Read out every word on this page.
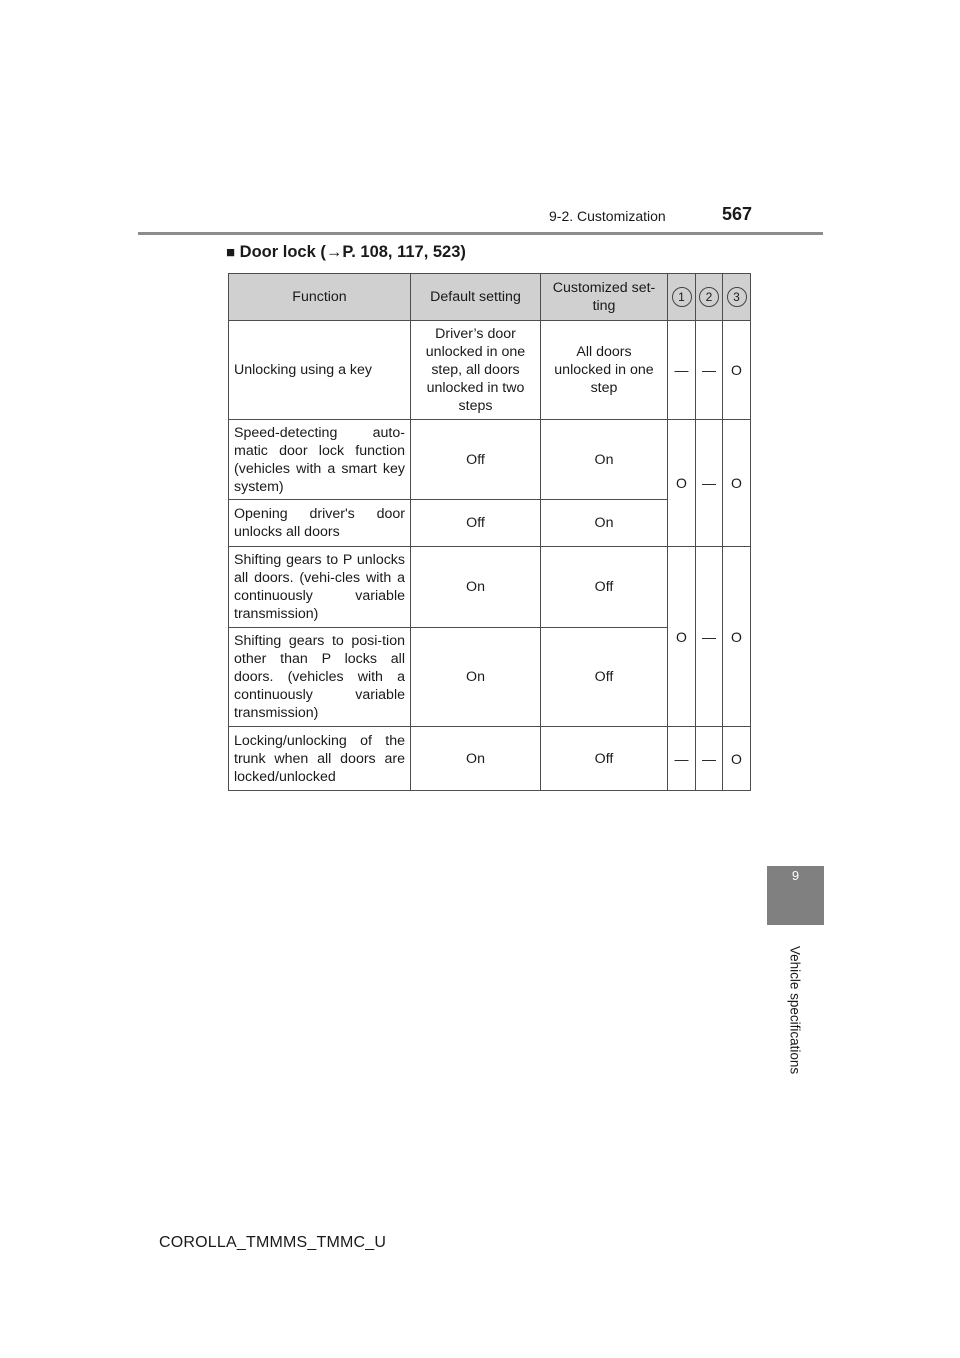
9-2. Customization	567
■ Door lock (→P. 108, 117, 523)
Function	Default setting	Customized set-ting	1	2	3
Unlocking using a key	Driver’s door unlocked in one step, all doors unlocked in two steps	All doors unlocked in one step	—	—	O
Speed-detecting auto-matic door lock function (vehicles with a smart key system)	Off	On	O	—	O
Opening driver's door unlocks all doors	Off	On			
Shifting gears to P unlocks all doors. (vehi-cles with a continuously variable transmission)	On	Off	O	—	O
Shifting gears to posi-tion other than P locks all doors. (vehicles with a continuously variable transmission)	On	Off			
Locking/unlocking of the trunk when all doors are locked/unlocked	On	Off	—	—	O
9
Vehicle specifications
COROLLA_TMMMS_TMMC_U
